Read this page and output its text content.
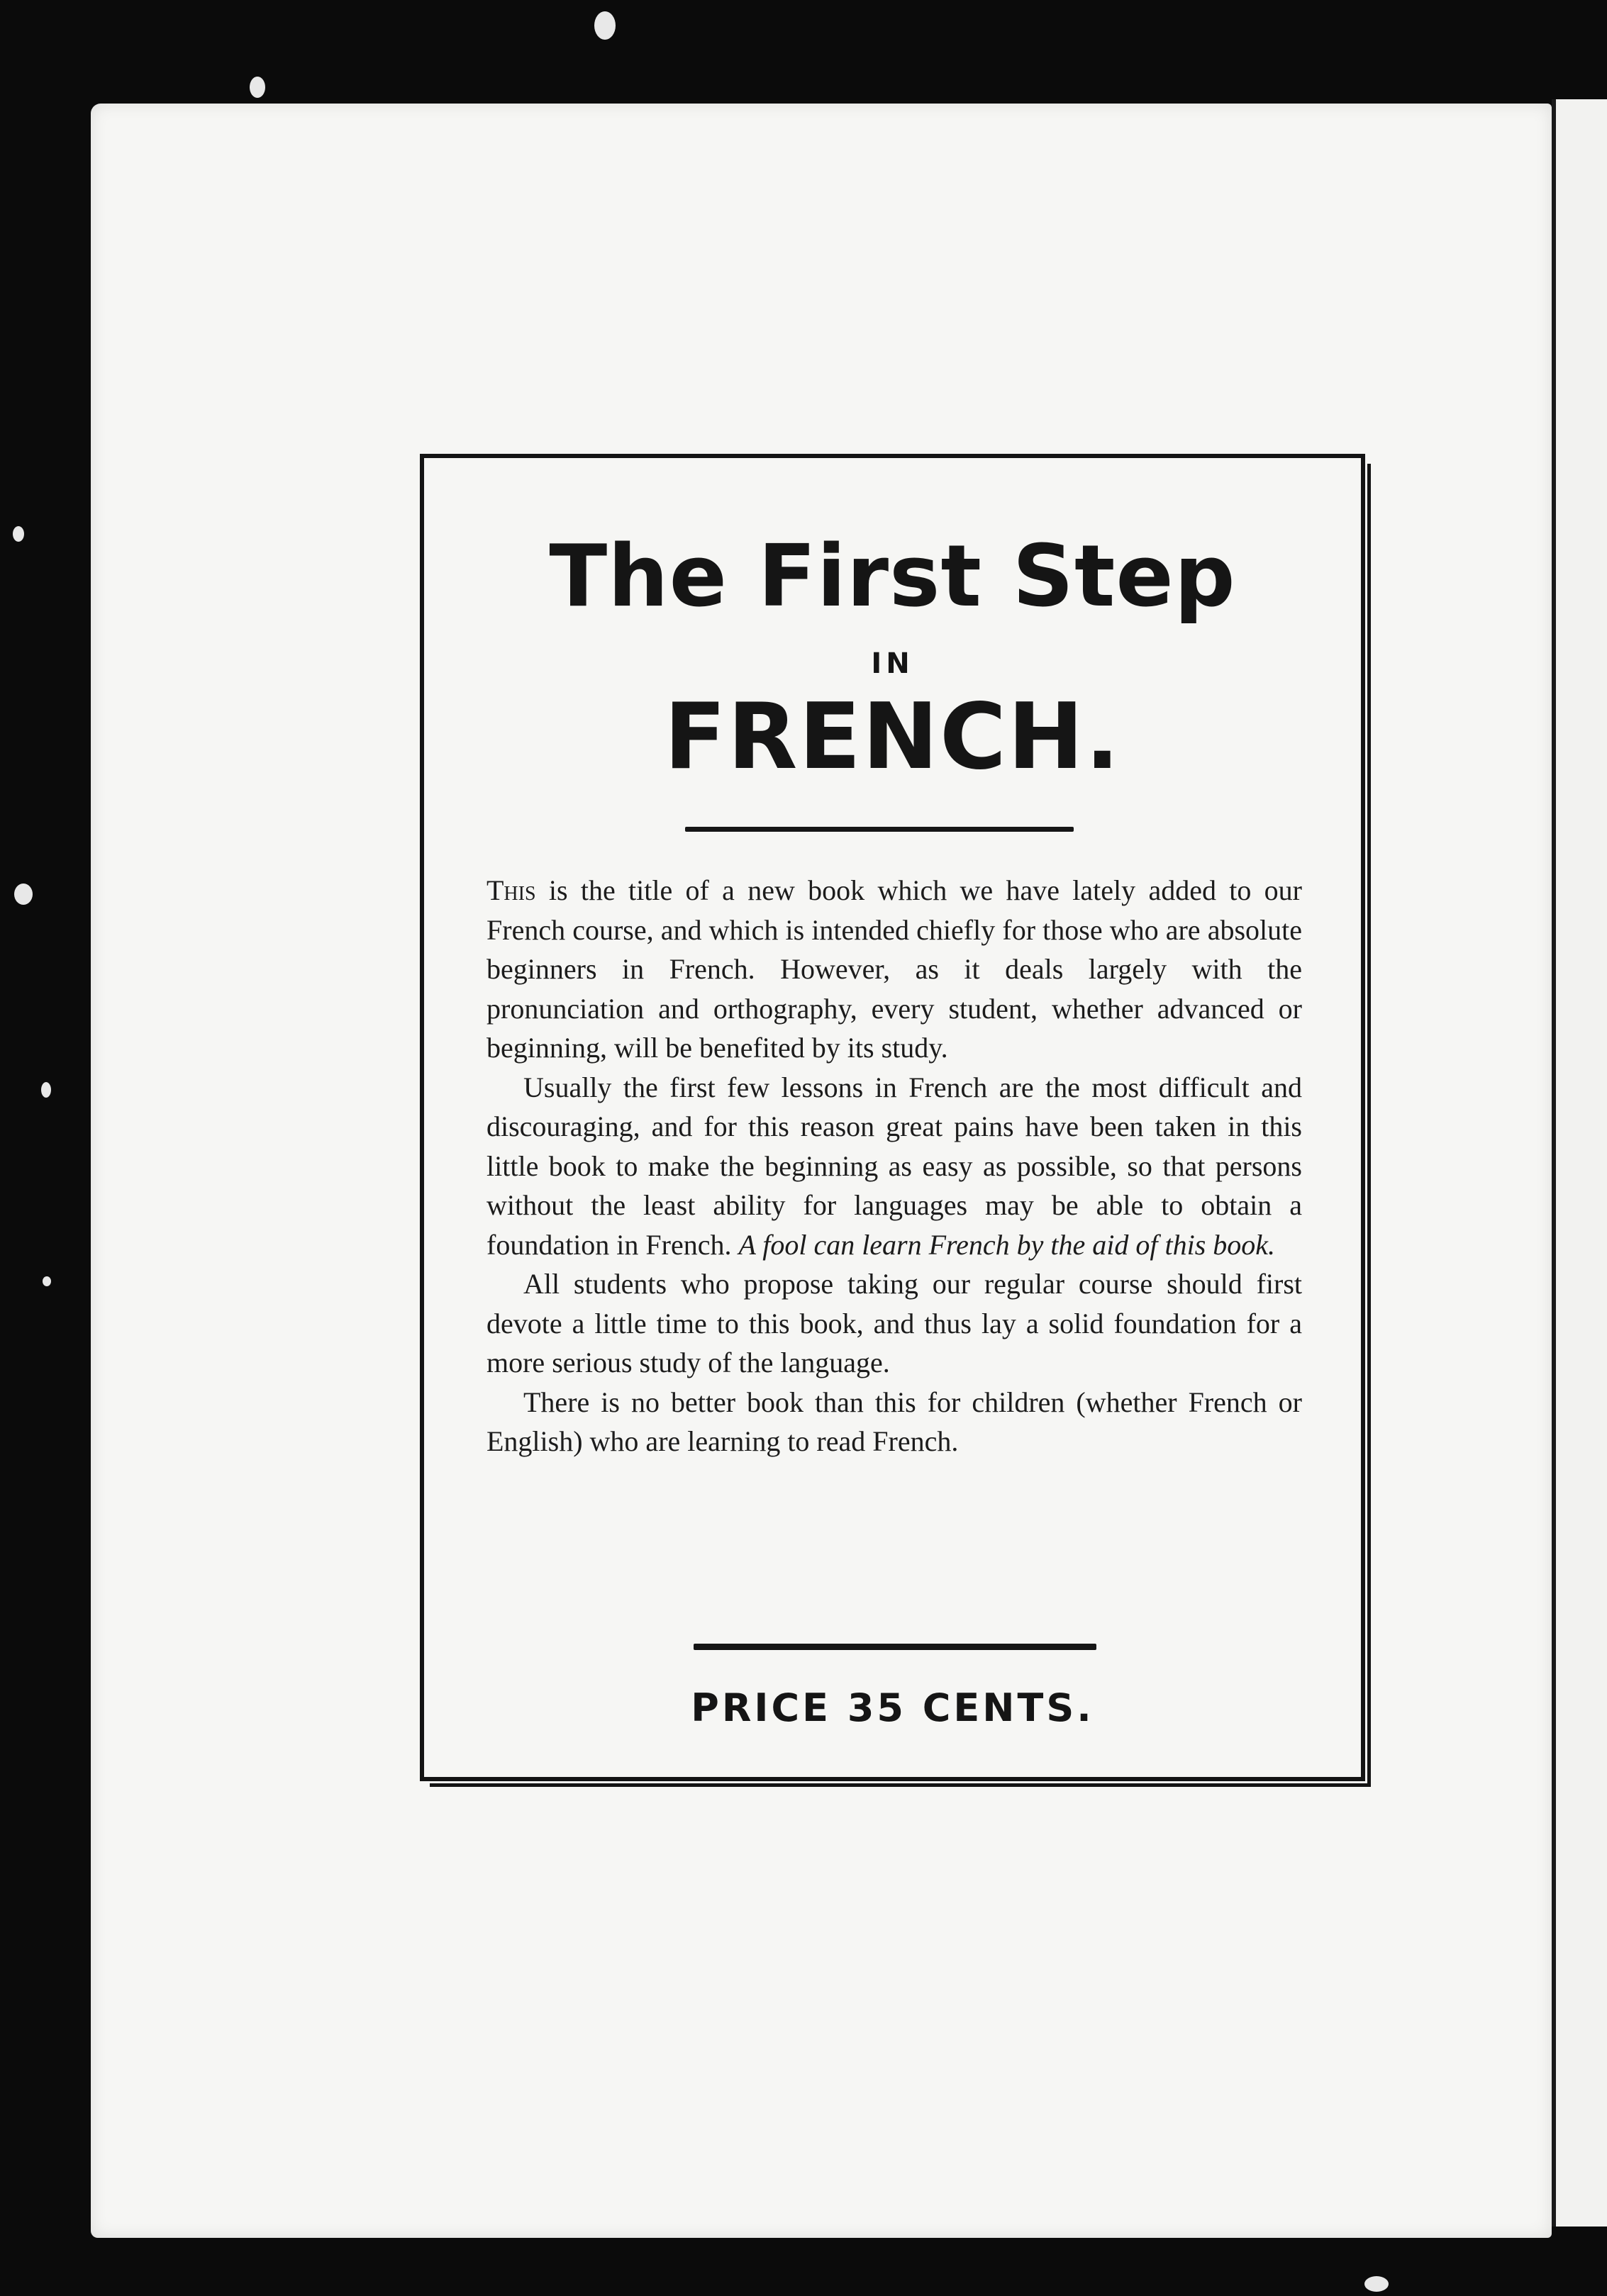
The First Step
IN
FRENCH.

This is the title of a new book which we have lately added to our French course, and which is intended chiefly for those who are absolute beginners in French. However, as it deals largely with the pronunciation and orthography, every student, whether advanced or beginning, will be benefited by its study.

Usually the first few lessons in French are the most difficult and discouraging, and for this reason great pains have been taken in this little book to make the beginning as easy as possible, so that persons without the least ability for languages may be able to obtain a foundation in French. A fool can learn French by the aid of this book.

All students who propose taking our regular course should first devote a little time to this book, and thus lay a solid foundation for a more serious study of the language.

There is no better book than this for children (whether French or English) who are learning to read French.

PRICE 35 CENTS.
